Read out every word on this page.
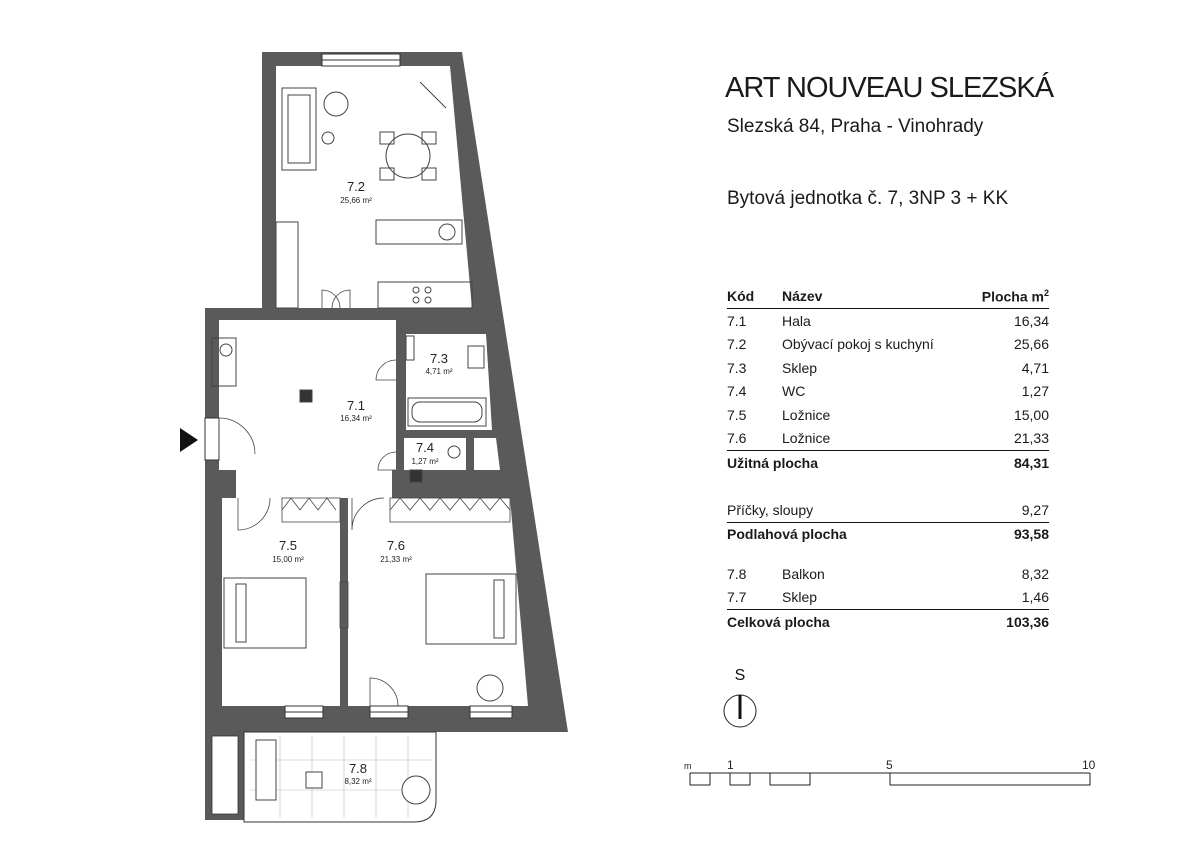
7.2
25,66 m²
7.1
16,34 m²
7.3
4,71 m²
7.4
1,27 m²
7.5
15,00 m²
7.6
21,33 m²
7.8
8,32 m²
ART NOUVEAU SLEZSKÁ
Slezská 84, Praha - Vinohrady
Bytová jednotka č. 7, 3NP 3 + KK
Kód	Název	Plocha $m^2$
7.1	Hala	16,34
7.2	Obývací pokoj s kuchyní	25,66
7.3	Sklep	4,71
7.4	WC	1,27
7.5	Ložnice	15,00
7.6	Ložnice	21,33
Užitná plocha	84,31
Příčky, sloupy	9,27
Podlahová plocha	93,58
7.8	Balkon	8,32
7.7	Sklep	1,46
Celková plocha	103,36
S
m	1	5	10
